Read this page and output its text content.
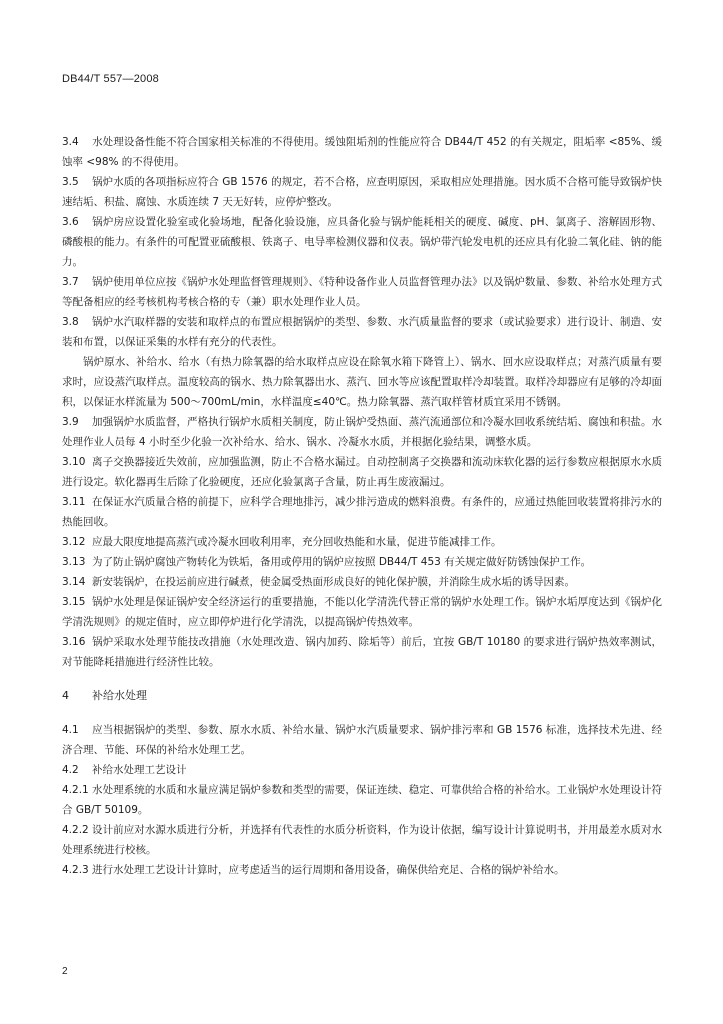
DB44/T 557—2008

3.4 水处理设备性能不符合国家相关标准的不得使用。缓蚀阻垢剂的性能应符合 DB44/T 452 的有关规定，阻垢率 <85%、缓蚀率 <98% 的不得使用。

3.5 锅炉水质的各项指标应符合 GB 1576 的规定，若不合格，应查明原因，采取相应处理措施。因水质不合格可能导致锅炉快速结垢、积盐、腐蚀、水质连续 7 天无好转，应停炉整改。

3.6 锅炉房应设置化验室或化验场地，配备化验设施，应具备化验与锅炉能耗相关的硬度、碱度、pH、氯离子、溶解固形物、磷酸根的能力。有条件的可配置亚硫酸根、铁离子、电导率检测仪器和仪表。锅炉带汽轮发电机的还应具有化验二氧化硅、钠的能力。

3.7 锅炉使用单位应按《锅炉水处理监督管理规则》、《特种设备作业人员监督管理办法》以及锅炉数量、参数、补给水处理方式等配备相应的经考核机构考核合格的专（兼）职水处理作业人员。

3.8 锅炉水汽取样器的安装和取样点的布置应根据锅炉的类型、参数、水汽质量监督的要求（或试验要求）进行设计、制造、安装和布置，以保证采集的水样有充分的代表性。

锅炉原水、补给水、给水（有热力除氧器的给水取样点应设在除氧水箱下降管上）、锅水、回水应设取样点；对蒸汽质量有要求时，应设蒸汽取样点。温度较高的锅水、热力除氧器出水、蒸汽、回水等应该配置取样冷却装置。取样冷却器应有足够的冷却面积，以保证水样流量为 500～700mL/min，水样温度≤40℃。热力除氧器、蒸汽取样管材质宜采用不锈钢。

3.9 加强锅炉水质监督，严格执行锅炉水质相关制度，防止锅炉受热面、蒸汽流通部位和冷凝水回收系统结垢、腐蚀和积盐。水处理作业人员每 4 小时至少化验一次补给水、给水、锅水、冷凝水水质，并根据化验结果，调整水质。

3.10 离子交换器接近失效前，应加强监测，防止不合格水漏过。自动控制离子交换器和流动床软化器的运行参数应根据原水水质进行设定。软化器再生后除了化验硬度，还应化验氯离子含量，防止再生废液漏过。

3.11 在保证水汽质量合格的前提下，应科学合理地排污，减少排污造成的燃料浪费。有条件的，应通过热能回收装置将排污水的热能回收。

3.12 应最大限度地提高蒸汽或冷凝水回收利用率，充分回收热能和水量，促进节能减排工作。

3.13 为了防止锅炉腐蚀产物转化为铁垢，备用或停用的锅炉应按照 DB44/T 453 有关规定做好防锈蚀保护工作。

3.14 新安装锅炉，在投运前应进行碱煮，使金属受热面形成良好的钝化保护膜，并消除生成水垢的诱导因素。

3.15 锅炉水处理是保证锅炉安全经济运行的重要措施，不能以化学清洗代替正常的锅炉水处理工作。锅炉水垢厚度达到《锅炉化学清洗规则》的规定值时，应立即停炉进行化学清洗，以提高锅炉传热效率。

3.16 锅炉采取水处理节能技改措施（水处理改造、锅内加药、除垢等）前后，宜按 GB/T 10180 的要求进行锅炉热效率测试，对节能降耗措施进行经济性比较。

4 补给水处理

4.1 应当根据锅炉的类型、参数、原水水质、补给水量、锅炉水汽质量要求、锅炉排污率和 GB 1576 标准，选择技术先进、经济合理、节能、环保的补给水处理工艺。

4.2 补给水处理工艺设计

4.2.1 水处理系统的水质和水量应满足锅炉参数和类型的需要，保证连续、稳定、可靠供给合格的补给水。工业锅炉水处理设计符合 GB/T 50109。

4.2.2 设计前应对水源水质进行分析，并选择有代表性的水质分析资料，作为设计依据，编写设计计算说明书，并用最差水质对水处理系统进行校核。

4.2.3 进行水处理工艺设计计算时，应考虑适当的运行周期和备用设备，确保供给充足、合格的锅炉补给水。

2
